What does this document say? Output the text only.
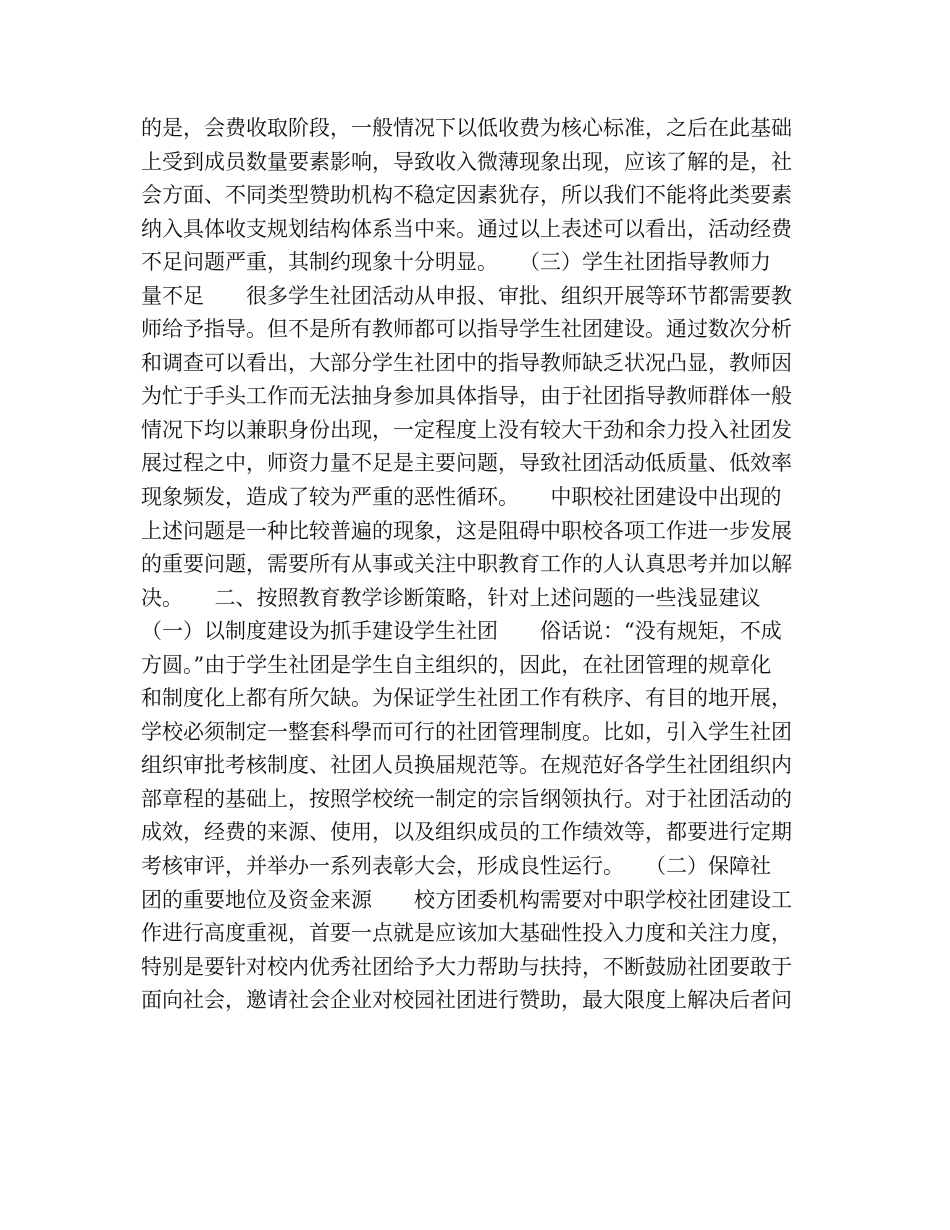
的是，会费收取阶段，一般情况下以低收费为核心标准，之后在此基础
上受到成员数量要素影响，导致收入微薄现象出现，应该了解的是，社
会方面、不同类型赞助机构不稳定因素犹存，所以我们不能将此类要素
纳入具体收支规划结构体系当中来。通过以上表述可以看出，活动经费
不足问题严重，其制约现象十分明显。　　（三）学生社团指导教师力
量不足　　很多学生社团活动从申报、审批、组织开展等环节都需要教
师给予指导。但不是所有教师都可以指导学生社团建设。通过数次分析
和调查可以看出，大部分学生社团中的指导教师缺乏状况凸显，教师因
为忙于手头工作而无法抽身参加具体指导，由于社团指导教师群体一般
情况下均以兼职身份出现，一定程度上没有较大干劲和余力投入社团发
展过程之中，师资力量不足是主要问题，导致社团活动低质量、低效率
现象频发，造成了较为严重的恶性循环。　　中职校社团建设中出现的
上述问题是一种比较普遍的现象，这是阻碍中职校各项工作进一步发展
的重要问题，需要所有从事或关注中职教育工作的人认真思考并加以解
决。　　二、按照教育教学诊断策略，针对上述问题的一些浅显建议
（一）以制度建设为抓手建设学生社团　　俗话说：“没有规矩，不成
方圆。”由于学生社团是学生自主组织的，因此，在社团管理的规章化
和制度化上都有所欠缺。为保证学生社团工作有秩序、有目的地开展，
学校必须制定一整套科學而可行的社团管理制度。比如，引入学生社团
组织审批考核制度、社团人员换届规范等。在规范好各学生社团组织内
部章程的基础上，按照学校统一制定的宗旨纲领执行。对于社团活动的
成效，经费的来源、使用，以及组织成员的工作绩效等，都要进行定期
考核审评，并举办一系列表彰大会，形成良性运行。　　（二）保障社
团的重要地位及资金来源　　校方团委机构需要对中职学校社团建设工
作进行高度重视，首要一点就是应该加大基础性投入力度和关注力度，
特别是要针对校内优秀社团给予大力帮助与扶持，不断鼓励社团要敢于
面向社会，邀请社会企业对校园社团进行赞助，最大限度上解决后者问
